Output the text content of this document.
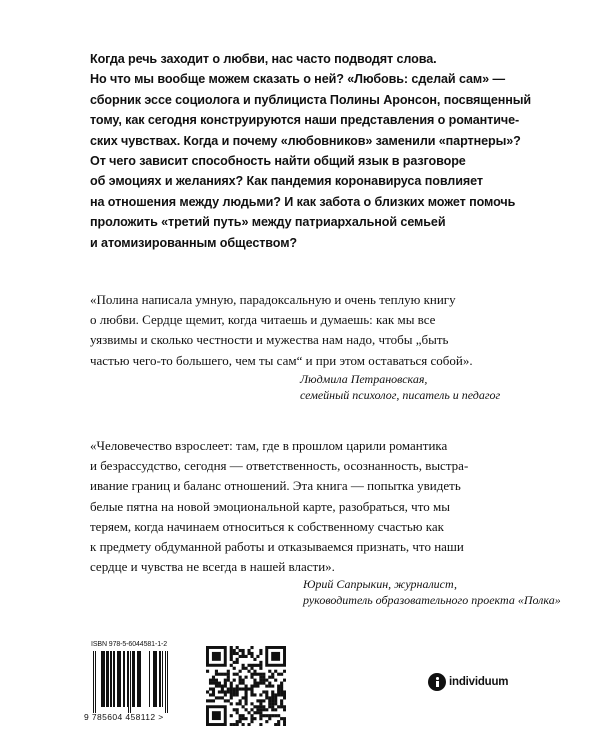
Когда речь заходит о любви, нас часто подводят слова.
Но что мы вообще можем сказать о ней? «Любовь: сделай сам» —
сборник эссе социолога и публициста Полины Аронсон, посвященный
тому, как сегодня конструируются наши представления о романтиче-
ских чувствах. Когда и почему «любовников» заменили «партнеры»?
От чего зависит способность найти общий язык в разговоре
об эмоциях и желаниях? Как пандемия коронавируса повлияет
на отношения между людьми? И как забота о близких может помочь
проложить «третий путь» между патриархальной семьей
и атомизированным обществом?
«Полина написала умную, парадоксальную и очень теплую книгу
о любви. Сердце щемит, когда читаешь и думаешь: как мы все
уязвимы и сколько честности и мужества нам надо, чтобы „быть
частью чего-то большего, чем ты сам“ и при этом оставаться собой».
Людмила Петрановская,
семейный психолог, писатель и педагог
«Человечество взрослеет: там, где в прошлом царили романтика
и безрассудство, сегодня — ответственность, осознанность, выстра-
ивание границ и баланс отношений. Эта книга — попытка увидеть
белые пятна на новой эмоциональной карте, разобраться, что мы
теряем, когда начинаем относиться к собственному счастью как
к предмету обдуманной работы и отказываемся признать, что наши
сердце и чувства не всегда в нашей власти».
Юрий Сапрыкин, журналист,
руководитель образовательного проекта «Полка»
ISBN 978-5-6044581-1-2
9 785604 458112 >
individuum
